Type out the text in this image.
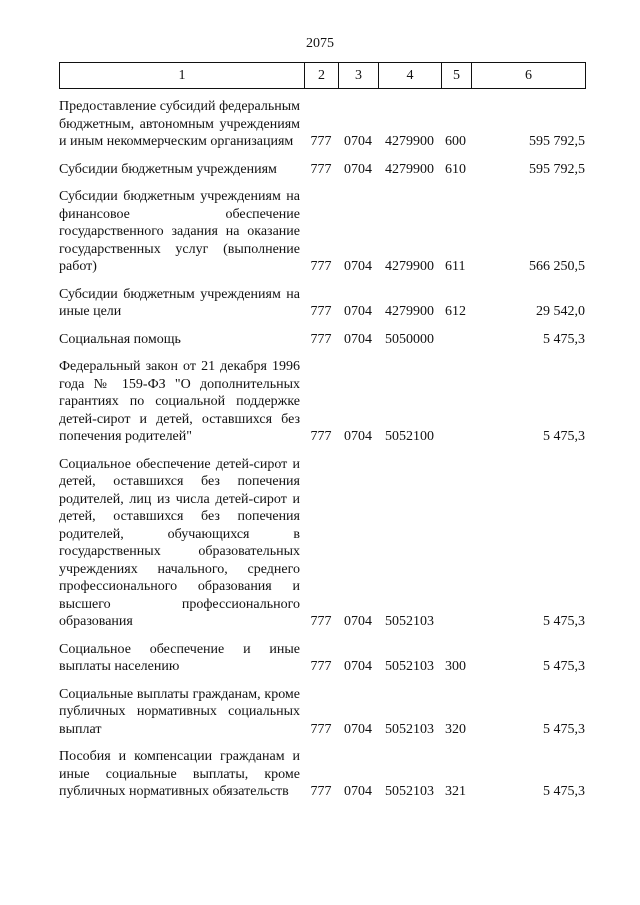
2075
1	2	3	4	5	6
Предоставление субсидий федеральным бюджетным, автономным учреждениям и иным некоммерческим организациям	777	0704	4279900	600	595 792,5
Субсидии бюджетным учреждениям	777	0704	4279900	610	595 792,5
Субсидии бюджетным учреждениям на финансовое обеспечение государственного задания на оказание государственных услуг (выполнение работ)	777	0704	4279900	611	566 250,5
Субсидии бюджетным учреждениям на иные цели	777	0704	4279900	612	29 542,0
Социальная помощь	777	0704	5050000		5 475,3
Федеральный закон от 21 декабря 1996 года № 159-ФЗ "О дополнительных гарантиях по социальной поддержке детей-сирот и детей, оставшихся без попечения родителей"	777	0704	5052100		5 475,3
Социальное обеспечение детей-сирот и детей, оставшихся без попечения родителей, лиц из числа детей-сирот и детей, оставшихся без попечения родителей, обучающихся в государственных образовательных учреждениях начального, среднего профессионального образования и высшего профессионального образования	777	0704	5052103		5 475,3
Социальное обеспечение и иные выплаты населению	777	0704	5052103	300	5 475,3
Социальные выплаты гражданам, кроме публичных нормативных социальных выплат	777	0704	5052103	320	5 475,3
Пособия и компенсации гражданам и иные социальные выплаты, кроме публичных нормативных обязательств	777	0704	5052103	321	5 475,3
